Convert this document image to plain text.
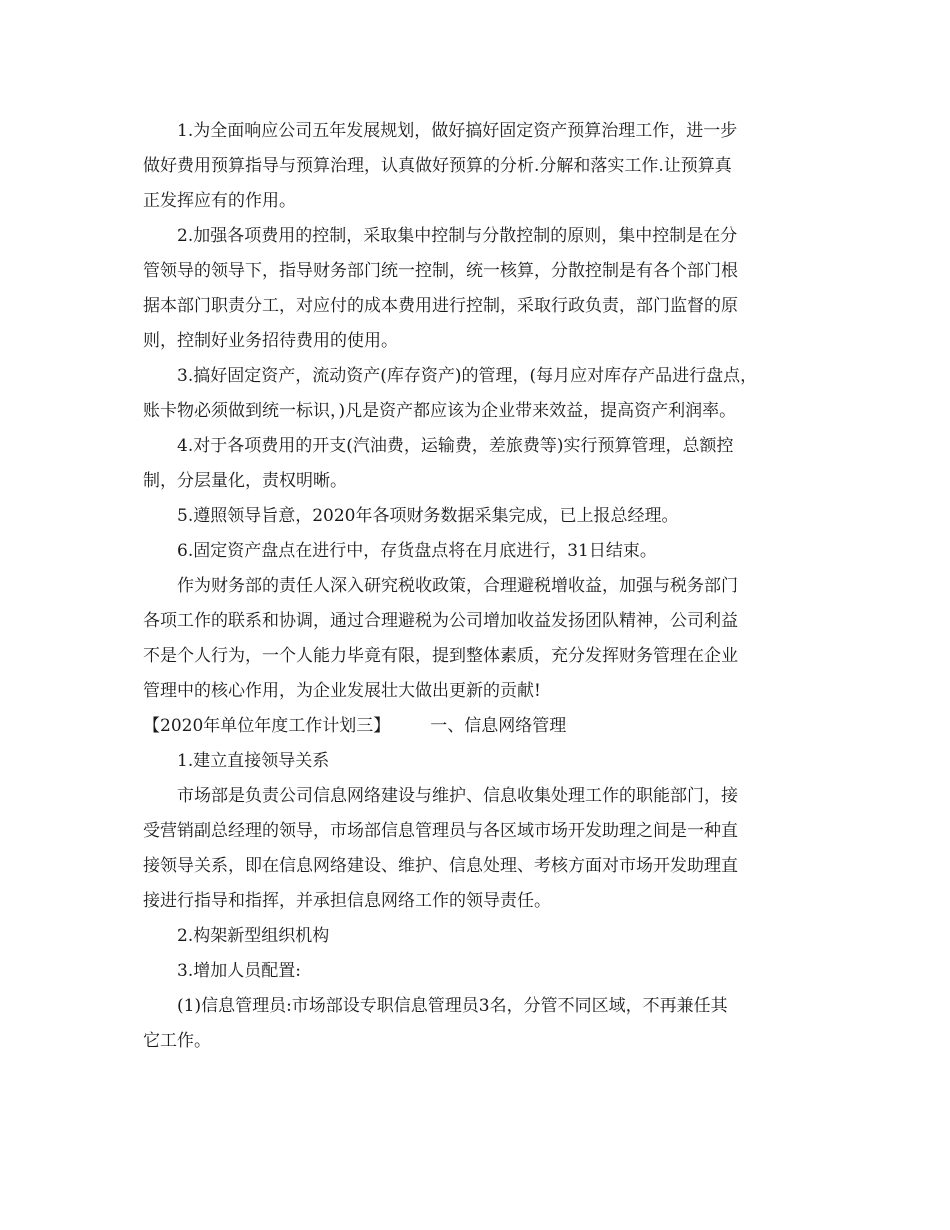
1.为全面响应公司五年发展规划，做好搞好固定资产预算治理工作，进一步
做好费用预算指导与预算治理，认真做好预算的分析.分解和落实工作.让预算真
正发挥应有的作用。
2.加强各项费用的控制，采取集中控制与分散控制的原则，集中控制是在分
管领导的领导下，指导财务部门统一控制，统一核算，分散控制是有各个部门根
据本部门职责分工，对应付的成本费用进行控制，采取行政负责，部门监督的原
则，控制好业务招待费用的使用。
3.搞好固定资产，流动资产(库存资产)的管理，(每月应对库存产品进行盘点，
账卡物必须做到统一标识，)凡是资产都应该为企业带来效益，提高资产利润率。
4.对于各项费用的开支(汽油费，运输费，差旅费等)实行预算管理，总额控
制，分层量化，责权明晰。
5.遵照领导旨意，2020年各项财务数据采集完成，已上报总经理。
6.固定资产盘点在进行中，存货盘点将在月底进行，31日结束。
作为财务部的责任人深入研究税收政策，合理避税增收益，加强与税务部门
各项工作的联系和协调，通过合理避税为公司增加收益发扬团队精神，公司利益
不是个人行为，一个人能力毕竟有限，提到整体素质，充分发挥财务管理在企业
管理中的核心作用，为企业发展壮大做出更新的贡献!
【2020年单位年度工作计划三】 一、信息网络管理
1.建立直接领导关系
市场部是负责公司信息网络建设与维护、信息收集处理工作的职能部门，接
受营销副总经理的领导，市场部信息管理员与各区域市场开发助理之间是一种直
接领导关系，即在信息网络建设、维护、信息处理、考核方面对市场开发助理直
接进行指导和指挥，并承担信息网络工作的领导责任。
2.构架新型组织机构
3.增加人员配置:
(1)信息管理员:市场部设专职信息管理员3名，分管不同区域，不再兼任其
它工作。
